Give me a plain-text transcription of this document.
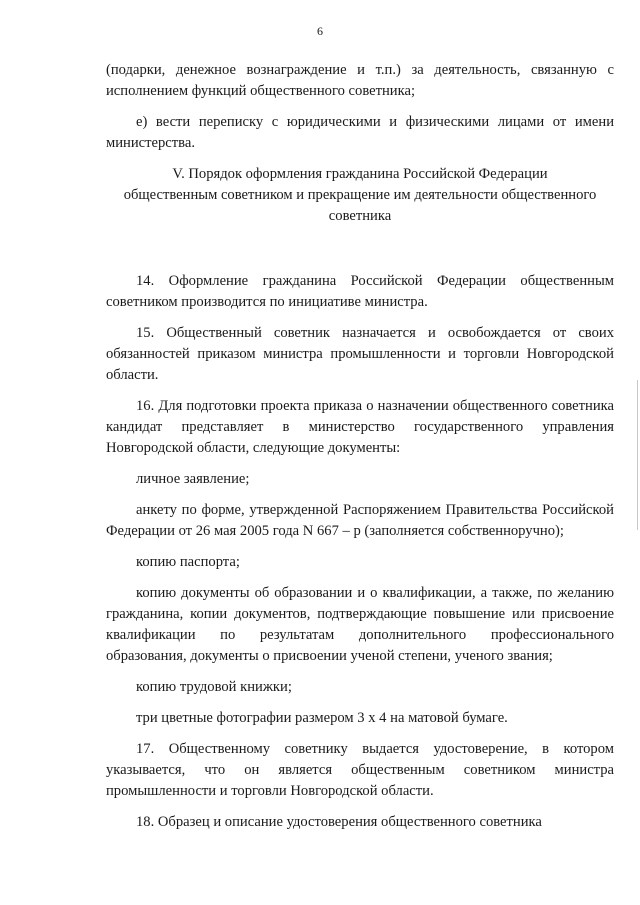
6

(подарки, денежное вознаграждение и т.п.) за деятельность, связанную с исполнением функций общественного советника;

е) вести переписку с юридическими и физическими лицами от имени министерства.

V. Порядок оформления гражданина Российской Федерации
общественным советником и прекращение им деятельности общественного
советника

14. Оформление гражданина Российской Федерации общественным советником производится по инициативе министра.

15. Общественный советник назначается и освобождается от своих обязанностей приказом министра промышленности и торговли Новгородской области.

16. Для подготовки проекта приказа о назначении общественного советника кандидат представляет в министерство государственного управления Новгородской области, следующие документы:

личное заявление;

анкету по форме, утвержденной Распоряжением Правительства Российской Федерации от 26 мая 2005 года N 667 – р (заполняется собственноручно);

копию паспорта;

копию документы об образовании и о квалификации, а также, по желанию гражданина, копии документов, подтверждающие повышение или присвоение квалификации по результатам дополнительного профессионального образования, документы о присвоении ученой степени, ученого звания;

копию трудовой книжки;

три цветные фотографии размером 3 х 4 на матовой бумаге.

17. Общественному советнику выдается удостоверение, в котором указывается, что он является общественным советником министра промышленности и торговли Новгородской области.

18. Образец и описание удостоверения общественного советника
